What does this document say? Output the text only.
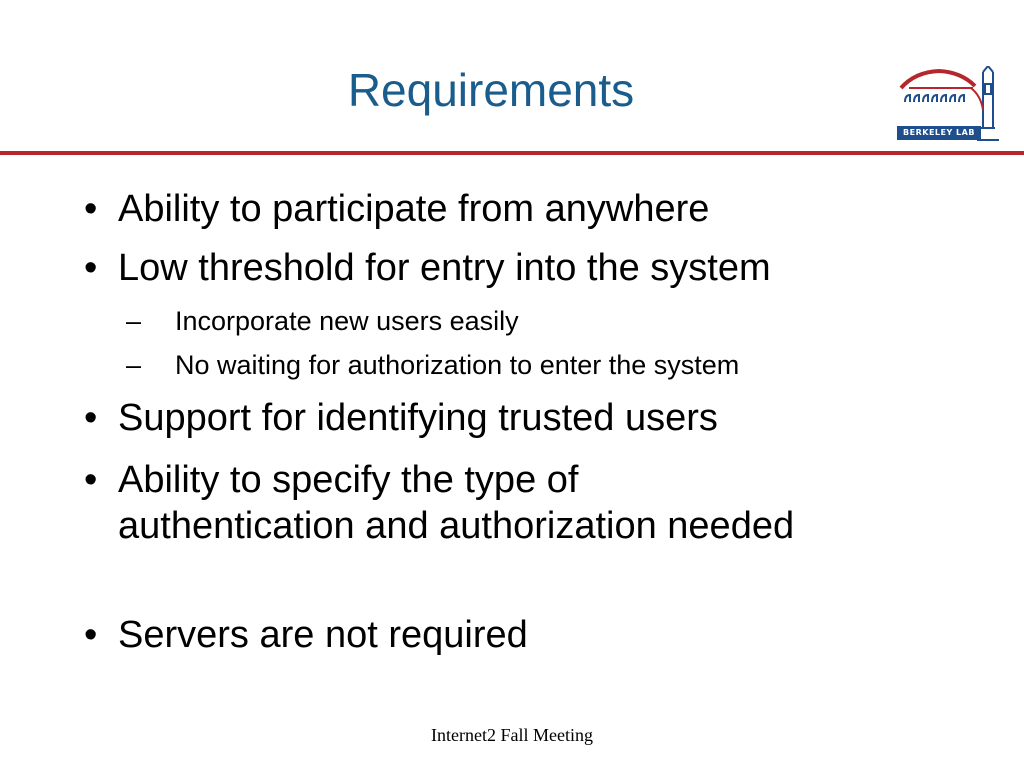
Requirements
BERKELEY LAB
• Ability to participate from anywhere
• Low threshold for entry into the system
– Incorporate new users easily
– No waiting for authorization to enter the system
• Support for identifying trusted users
• Ability to specify the type of authentication and authorization needed
• Servers are not required
Internet2 Fall Meeting
